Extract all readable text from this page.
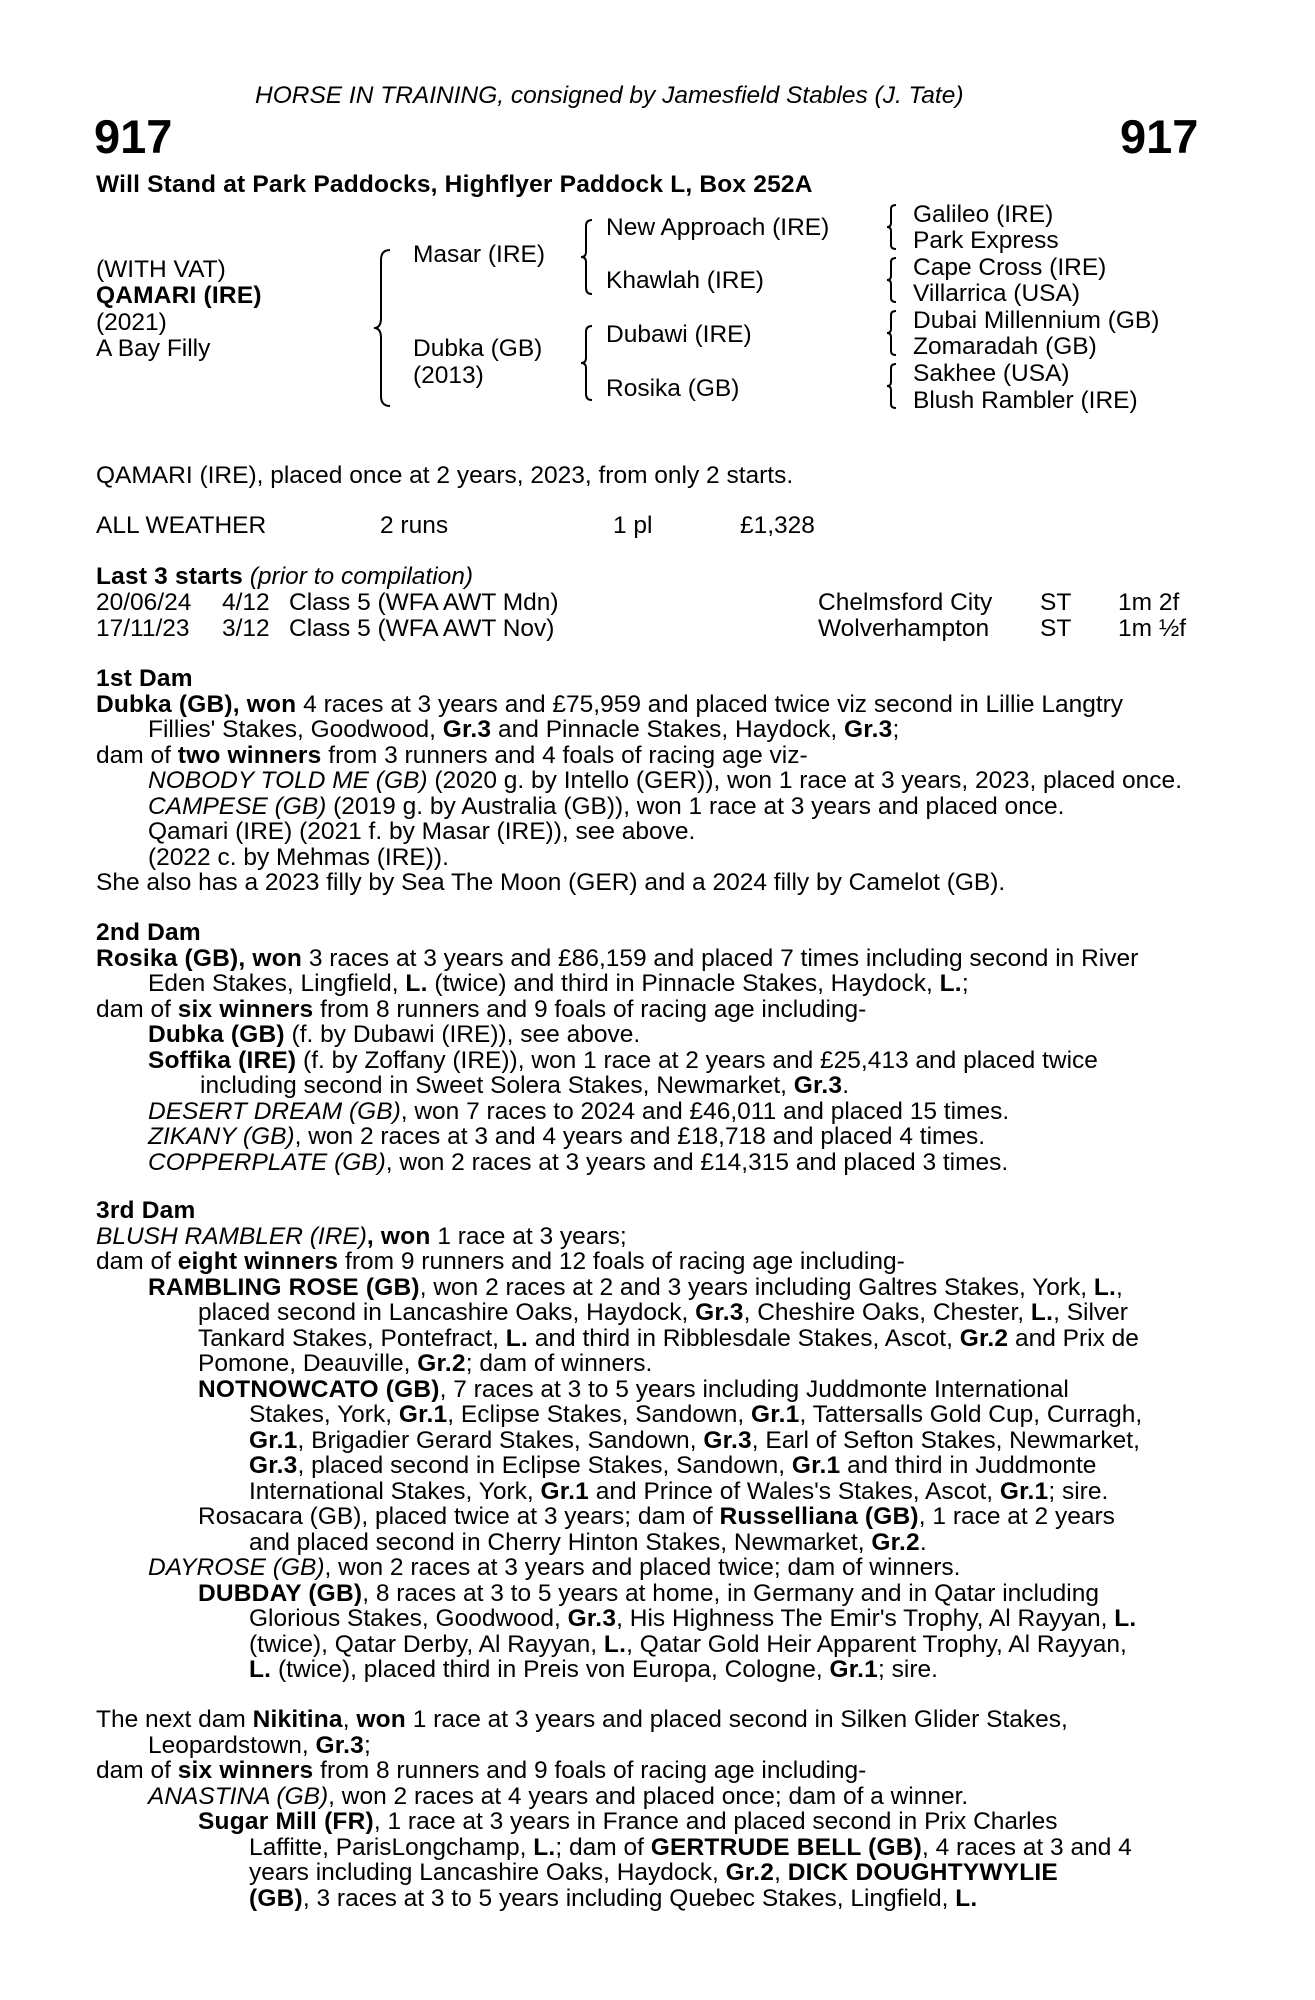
HORSE IN TRAINING, consigned by Jamesfield Stables (J. Tate)
917	917
Will Stand at Park Paddocks, Highflyer Paddock L, Box 252A
(WITH VAT)
QAMARI (IRE)
(2021)
A Bay Filly
Masar (IRE)
Dubka (GB)
(2013)
New Approach (IRE)
Khawlah (IRE)
Dubawi (IRE)
Rosika (GB)
Galileo (IRE)
Park Express
Cape Cross (IRE)
Villarrica (USA)
Dubai Millennium (GB)
Zomaradah (GB)
Sakhee (USA)
Blush Rambler (IRE)
QAMARI (IRE), placed once at 2 years, 2023, from only 2 starts.
ALL WEATHER	2 runs	1 pl	£1,328
Last 3 starts (prior to compilation)
20/06/24 4/12 Class 5 (WFA AWT Mdn)	Chelmsford City ST 1m 2f
17/11/23 3/12 Class 5 (WFA AWT Nov)	Wolverhampton ST 1m ½f
1st Dam
Dubka (GB), won 4 races at 3 years and £75,959 and placed twice viz second in Lillie Langtry
Fillies' Stakes, Goodwood, Gr.3 and Pinnacle Stakes, Haydock, Gr.3;
dam of two winners from 3 runners and 4 foals of racing age viz-
NOBODY TOLD ME (GB) (2020 g. by Intello (GER)), won 1 race at 3 years, 2023, placed once.
CAMPESE (GB) (2019 g. by Australia (GB)), won 1 race at 3 years and placed once.
Qamari (IRE) (2021 f. by Masar (IRE)), see above.
(2022 c. by Mehmas (IRE)).
She also has a 2023 filly by Sea The Moon (GER) and a 2024 filly by Camelot (GB).
2nd Dam
Rosika (GB), won 3 races at 3 years and £86,159 and placed 7 times including second in River
Eden Stakes, Lingfield, L. (twice) and third in Pinnacle Stakes, Haydock, L.;
dam of six winners from 8 runners and 9 foals of racing age including-
Dubka (GB) (f. by Dubawi (IRE)), see above.
Soffika (IRE) (f. by Zoffany (IRE)), won 1 race at 2 years and £25,413 and placed twice
including second in Sweet Solera Stakes, Newmarket, Gr.3.
DESERT DREAM (GB), won 7 races to 2024 and £46,011 and placed 15 times.
ZIKANY (GB), won 2 races at 3 and 4 years and £18,718 and placed 4 times.
COPPERPLATE (GB), won 2 races at 3 years and £14,315 and placed 3 times.
3rd Dam
BLUSH RAMBLER (IRE), won 1 race at 3 years;
dam of eight winners from 9 runners and 12 foals of racing age including-
RAMBLING ROSE (GB), won 2 races at 2 and 3 years including Galtres Stakes, York, L.,
placed second in Lancashire Oaks, Haydock, Gr.3, Cheshire Oaks, Chester, L., Silver
Tankard Stakes, Pontefract, L. and third in Ribblesdale Stakes, Ascot, Gr.2 and Prix de
Pomone, Deauville, Gr.2; dam of winners.
NOTNOWCATO (GB), 7 races at 3 to 5 years including Juddmonte International
Stakes, York, Gr.1, Eclipse Stakes, Sandown, Gr.1, Tattersalls Gold Cup, Curragh,
Gr.1, Brigadier Gerard Stakes, Sandown, Gr.3, Earl of Sefton Stakes, Newmarket,
Gr.3, placed second in Eclipse Stakes, Sandown, Gr.1 and third in Juddmonte
International Stakes, York, Gr.1 and Prince of Wales's Stakes, Ascot, Gr.1; sire.
Rosacara (GB), placed twice at 3 years; dam of Russelliana (GB), 1 race at 2 years
and placed second in Cherry Hinton Stakes, Newmarket, Gr.2.
DAYROSE (GB), won 2 races at 3 years and placed twice; dam of winners.
DUBDAY (GB), 8 races at 3 to 5 years at home, in Germany and in Qatar including
Glorious Stakes, Goodwood, Gr.3, His Highness The Emir's Trophy, Al Rayyan, L.
(twice), Qatar Derby, Al Rayyan, L., Qatar Gold Heir Apparent Trophy, Al Rayyan,
L. (twice), placed third in Preis von Europa, Cologne, Gr.1; sire.
The next dam Nikitina, won 1 race at 3 years and placed second in Silken Glider Stakes,
Leopardstown, Gr.3;
dam of six winners from 8 runners and 9 foals of racing age including-
ANASTINA (GB), won 2 races at 4 years and placed once; dam of a winner.
Sugar Mill (FR), 1 race at 3 years in France and placed second in Prix Charles
Laffitte, ParisLongchamp, L.; dam of GERTRUDE BELL (GB), 4 races at 3 and 4
years including Lancashire Oaks, Haydock, Gr.2, DICK DOUGHTYWYLIE
(GB), 3 races at 3 to 5 years including Quebec Stakes, Lingfield, L.
